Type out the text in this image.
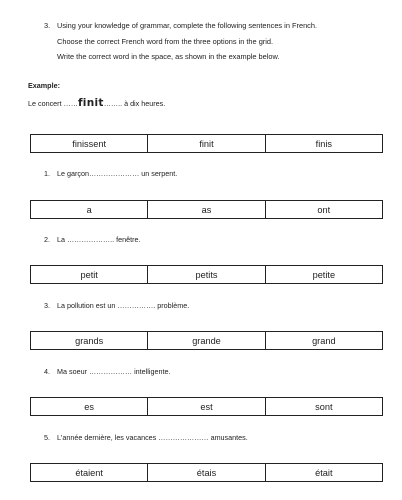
3. Using your knowledge of grammar, complete the following sentences in French.
Choose the correct French word from the three options in the grid.
Write the correct word in the space, as shown in the example below.
Example:
Le concert ……finit…….. à dix heures.
finissent	finit	finis
1. Le garçon………………… un serpent.
a	as	ont
2. La ……………….. fenêtre.
petit	petits	petite
3. La pollution est un ……………. problème.
grands	grande	grand
4. Ma soeur ……………… intelligente.
es	est	sont
5. L'année dernière, les vacances ………………… amusantes.
étaient	étais	était
